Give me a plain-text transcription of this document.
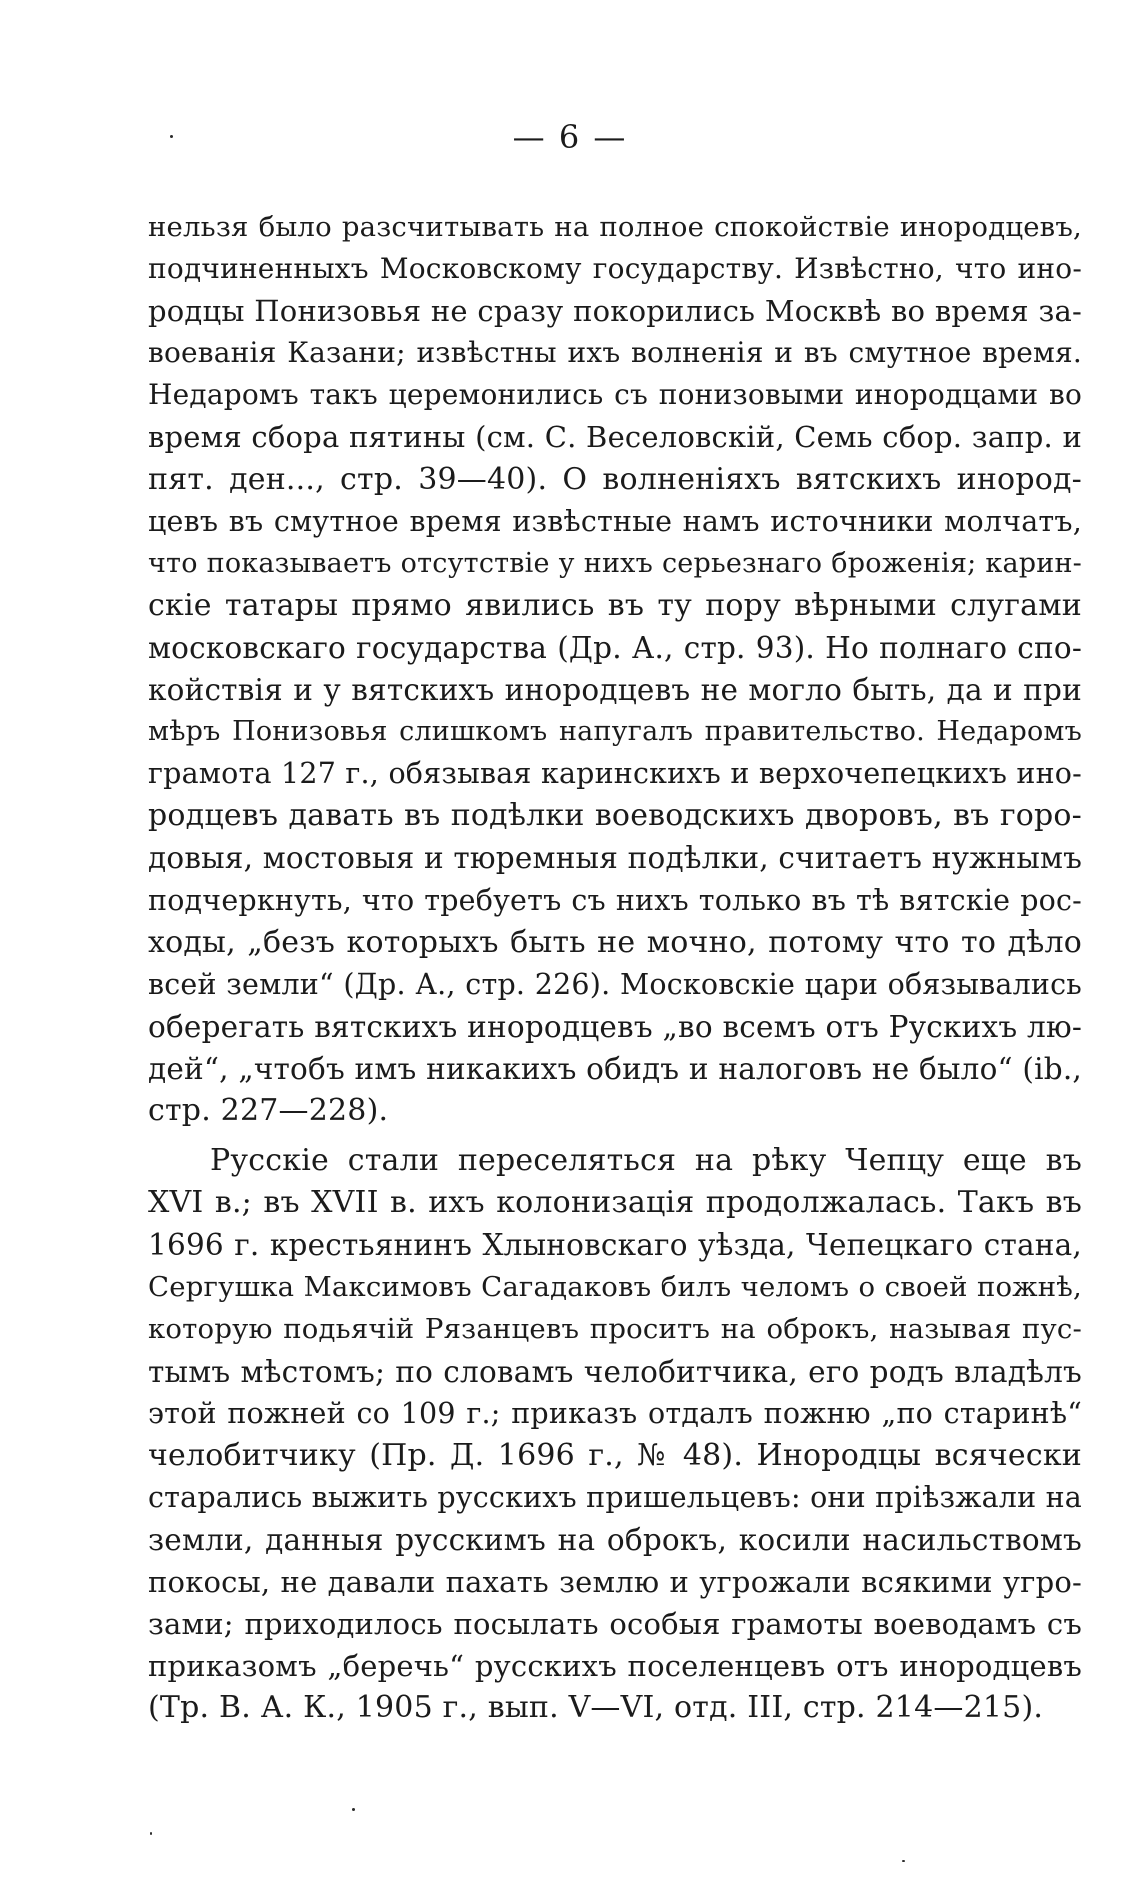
— 6 —
нельзя было разсчитывать на полное спокойствіе инородцевъ,
подчиненныхъ Московскому государству. Извѣстно, что ино-
родцы Понизовья не сразу покорились Москвѣ во время за-
воеванія Казани; извѣстны ихъ волненія и въ смутное время.
Недаромъ такъ церемонились съ понизовыми инородцами во
время сбора пятины (см. С. Веселовскій, Семь сбор. запр. и
пят. ден..., стр. 39—40). О волненіяхъ вятскихъ инород-
цевъ въ смутное время извѣстные намъ источники молчатъ,
что показываетъ отсутствіе у нихъ серьезнаго броженія; карин-
скіе татары прямо явились въ ту пору вѣрными слугами
московскаго государства (Др. А., стр. 93). Но полнаго спо-
койствія и у вятскихъ инородцевъ не могло быть, да и при
мѣръ Понизовья слишкомъ напугалъ правительство. Недаромъ
грамота 127 г., обязывая каринскихъ и верхочепецкихъ ино-
родцевъ давать въ подѣлки воеводскихъ дворовъ, въ горо-
довыя, мостовыя и тюремныя подѣлки, считаетъ нужнымъ
подчеркнуть, что требуетъ съ нихъ только въ тѣ вятскіе рос-
ходы, „безъ которыхъ быть не мочно, потому что то дѣло
всей земли“ (Др. А., стр. 226). Московскіе цари обязывались
оберегать вятскихъ инородцевъ „во всемъ отъ Рускихъ лю-
дей“, „чтобъ имъ никакихъ обидъ и налоговъ не было“ (ib.,
стр. 227—228).
Русскіе стали переселяться на рѣку Чепцу еще въ
XVI в.; въ XVII в. ихъ колонизація продолжалась. Такъ въ
1696 г. крестьянинъ Хлыновскаго уѣзда, Чепецкаго стана,
Сергушка Максимовъ Сагадаковъ билъ челомъ о своей пожнѣ,
которую подьячій Рязанцевъ проситъ на оброкъ, называя пус-
тымъ мѣстомъ; по словамъ челобитчика, его родъ владѣлъ
этой пожней со 109 г.; приказъ отдалъ пожню „по старинѣ“
челобитчику (Пр. Д. 1696 г., № 48). Инородцы всячески
старались выжить русскихъ пришельцевъ: они пріѣзжали на
земли, данныя русскимъ на оброкъ, косили насильствомъ
покосы, не давали пахать землю и угрожали всякими угро-
зами; приходилось посылать особыя грамоты воеводамъ съ
приказомъ „беречь“ русскихъ поселенцевъ отъ инородцевъ
(Тр. В. А. К., 1905 г., вып. V—VI, отд. III, стр. 214—215).
